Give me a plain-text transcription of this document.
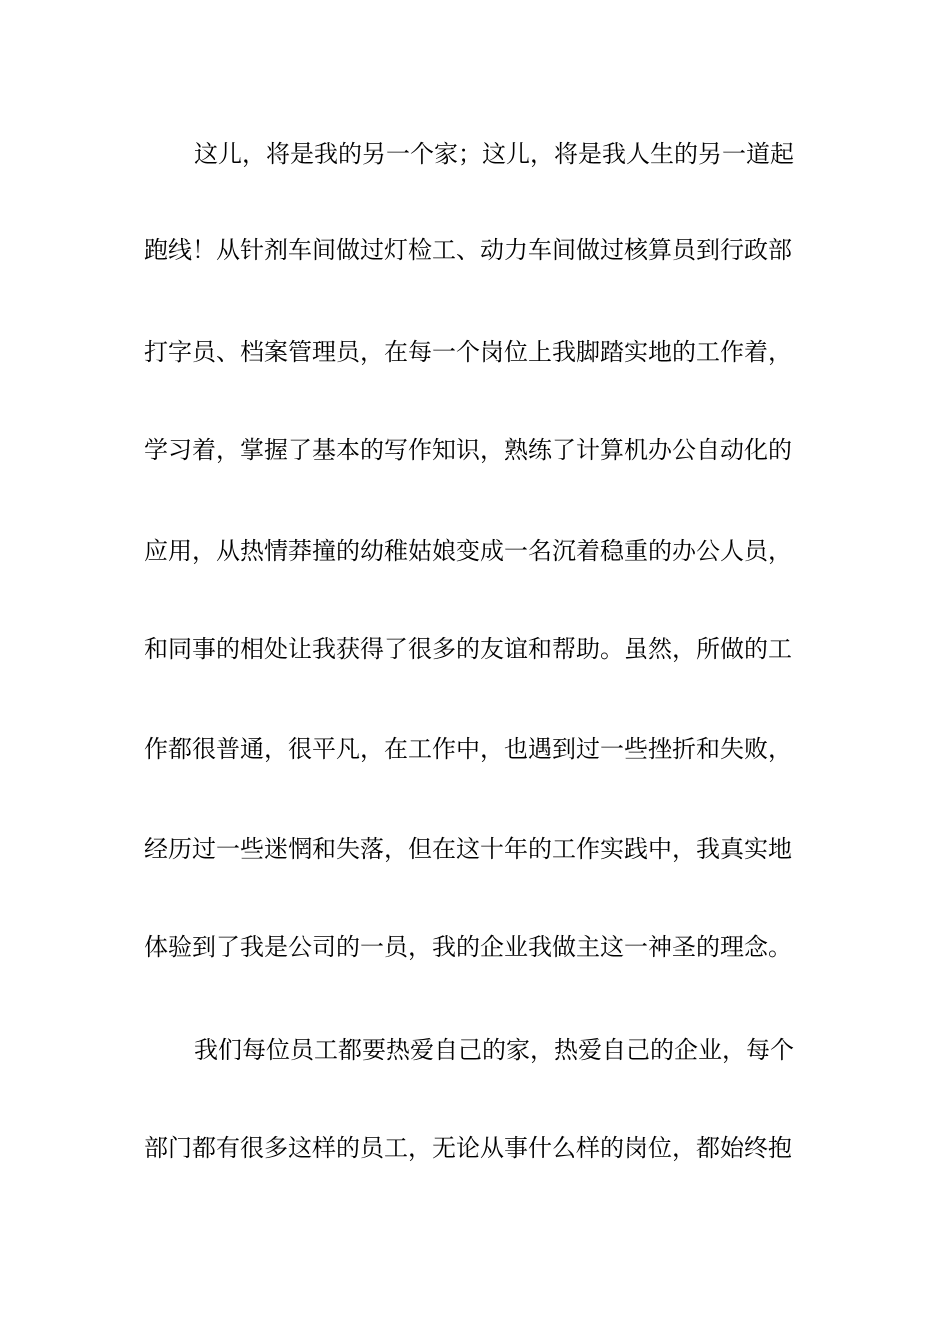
这儿，将是我的另一个家；这儿，将是我人生的另一道起
跑线！从针剂车间做过灯检工、动力车间做过核算员到行政部
打字员、档案管理员，在每一个岗位上我脚踏实地的工作着，
学习着，掌握了基本的写作知识，熟练了计算机办公自动化的
应用，从热情莽撞的幼稚姑娘变成一名沉着稳重的办公人员，
和同事的相处让我获得了很多的友谊和帮助。虽然，所做的工
作都很普通，很平凡，在工作中，也遇到过一些挫折和失败，
经历过一些迷惘和失落，但在这十年的工作实践中，我真实地
体验到了我是公司的一员，我的企业我做主这一神圣的理念。
我们每位员工都要热爱自己的家，热爱自己的企业，每个
部门都有很多这样的员工，无论从事什么样的岗位，都始终抱
